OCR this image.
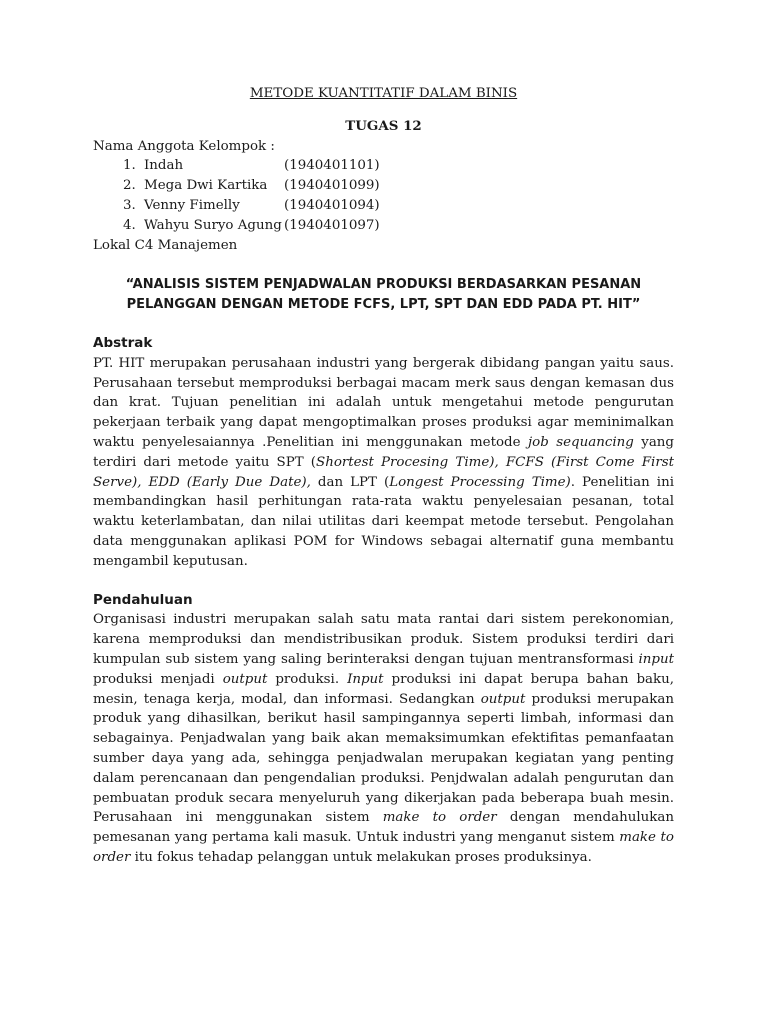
METODE KUANTITATIF DALAM BINIS

TUGAS 12

Nama Anggota Kelompok :

1. Indah	(1940401101)
2. Mega Dwi Kartika (1940401099)
3. Venny Fimelly	(1940401094)
4. Wahyu Suryo Agung (1940401097)

Lokal C4 Manajemen

“ANALISIS SISTEM PENJADWALAN PRODUKSI BERDASARKAN PESANAN PELANGGAN DENGAN METODE FCFS, LPT, SPT DAN EDD PADA PT. HIT”

Abstrak

PT. HIT merupakan perusahaan industri yang bergerak dibidang pangan yaitu saus. Perusahaan tersebut memproduksi berbagai macam merk saus dengan kemasan dus dan krat. Tujuan penelitian ini adalah untuk mengetahui metode pengurutan pekerjaan terbaik yang dapat mengoptimalkan proses produksi agar meminimalkan waktu penyelesaiannya .Penelitian ini menggunakan metode job sequancing yang terdiri dari metode yaitu SPT (Shortest Procesing Time), FCFS (First Come First Serve), EDD (Early Due Date), dan LPT (Longest Processing Time). Penelitian ini membandingkan hasil perhitungan rata-rata waktu penyelesaian pesanan, total waktu keterlambatan, dan nilai utilitas dari keempat metode tersebut. Pengolahan data menggunakan aplikasi POM for Windows sebagai alternatif guna membantu mengambil keputusan.

Pendahuluan

Organisasi industri merupakan salah satu mata rantai dari sistem perekonomian, karena memproduksi dan mendistribusikan produk. Sistem produksi terdiri dari kumpulan sub sistem yang saling berinteraksi dengan tujuan mentransformasi input produksi menjadi output produksi. Input produksi ini dapat berupa bahan baku, mesin, tenaga kerja, modal, dan informasi. Sedangkan output produksi merupakan produk yang dihasilkan, berikut hasil sampingannya seperti limbah, informasi dan sebagainya. Penjadwalan yang baik akan memaksimumkan efektifitas pemanfaatan sumber daya yang ada, sehingga penjadwalan merupakan kegiatan yang penting dalam perencanaan dan pengendalian produksi. Penjdwalan adalah pengurutan dan pembuatan produk secara menyeluruh yang dikerjakan pada beberapa buah mesin. Perusahaan ini menggunakan sistem make to order dengan mendahulukan pemesanan yang pertama kali masuk. Untuk industri yang menganut sistem make to order itu fokus tehadap pelanggan untuk melakukan proses produksinya.
